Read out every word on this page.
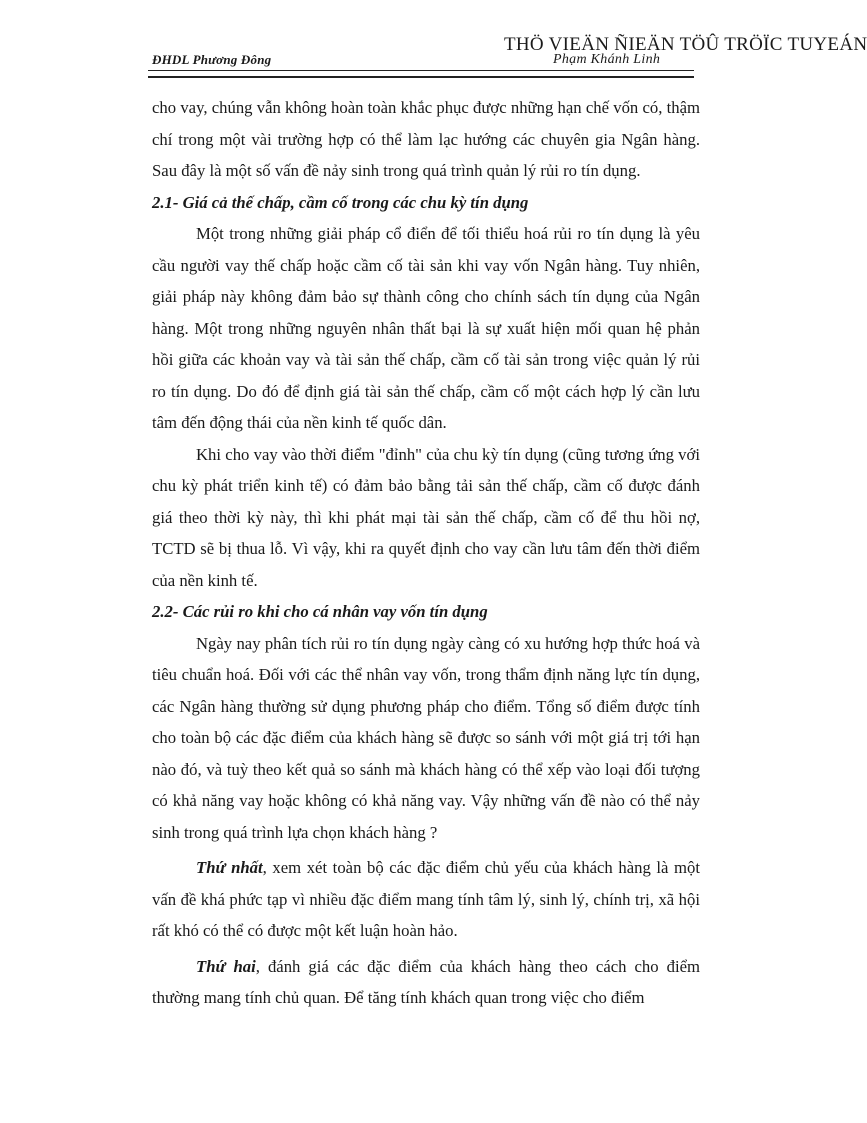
ĐHDL Phương Đông
THÖ VIEÄN ÑIEÄN TÖÛ TRÖÏC TUYEÁN
Phạm Khánh Linh

cho vay, chúng vẫn không hoàn toàn khắc phục được những hạn chế vốn có, thậm chí trong một vài trường hợp có thể làm lạc hướng các chuyên gia Ngân hàng. Sau đây là một số vấn đề nảy sinh trong quá trình quản lý rủi ro tín dụng.

2.1- Giá cả thế chấp, cầm cố trong các chu kỳ tín dụng

Một trong những giải pháp cổ điển để tối thiểu hoá rủi ro tín dụng là yêu cầu người vay thế chấp hoặc cầm cố tài sản khi vay vốn Ngân hàng. Tuy nhiên, giải pháp này không đảm bảo sự thành công cho chính sách tín dụng của Ngân hàng. Một trong những nguyên nhân thất bại là sự xuất hiện mối quan hệ phản hồi giữa các khoản vay và tài sản thế chấp, cầm cố tài sản trong việc quản lý rủi ro tín dụng. Do đó để định giá tài sản thế chấp, cầm cố một cách hợp lý cần lưu tâm đến động thái của nền kinh tế quốc dân.

Khi cho vay vào thời điểm "đỉnh" của chu kỳ tín dụng (cũng tương ứng với chu kỳ phát triển kinh tế) có đảm bảo bằng tải sản thế chấp, cầm cố được đánh giá theo thời kỳ này, thì khi phát mại tài sản thế chấp, cầm cố để thu hồi nợ, TCTD sẽ bị thua lỗ. Vì vậy, khi ra quyết định cho vay cần lưu tâm đến thời điểm của nền kinh tế.

2.2- Các rủi ro khi cho cá nhân vay vốn tín dụng

Ngày nay phân tích rủi ro tín dụng ngày càng có xu hướng hợp thức hoá và tiêu chuẩn hoá. Đối với các thể nhân vay vốn, trong thẩm định năng lực tín dụng, các Ngân hàng thường sử dụng phương pháp cho điểm. Tổng số điểm được tính cho toàn bộ các đặc điểm của khách hàng sẽ được so sánh với một giá trị tới hạn nào đó, và tuỳ theo kết quả so sánh mà khách hàng có thể xếp vào loại đối tượng có khả năng vay hoặc không có khả năng vay. Vậy những vấn đề nào có thể nảy sinh trong quá trình lựa chọn khách hàng ?

Thứ nhất, xem xét toàn bộ các đặc điểm chủ yếu của khách hàng là một vấn đề khá phức tạp vì nhiều đặc điểm mang tính tâm lý, sinh lý, chính trị, xã hội rất khó có thể có được một kết luận hoàn hảo.

Thứ hai, đánh giá các đặc điểm của khách hàng theo cách cho điểm thường mang tính chủ quan. Để tăng tính khách quan trong việc cho điểm
